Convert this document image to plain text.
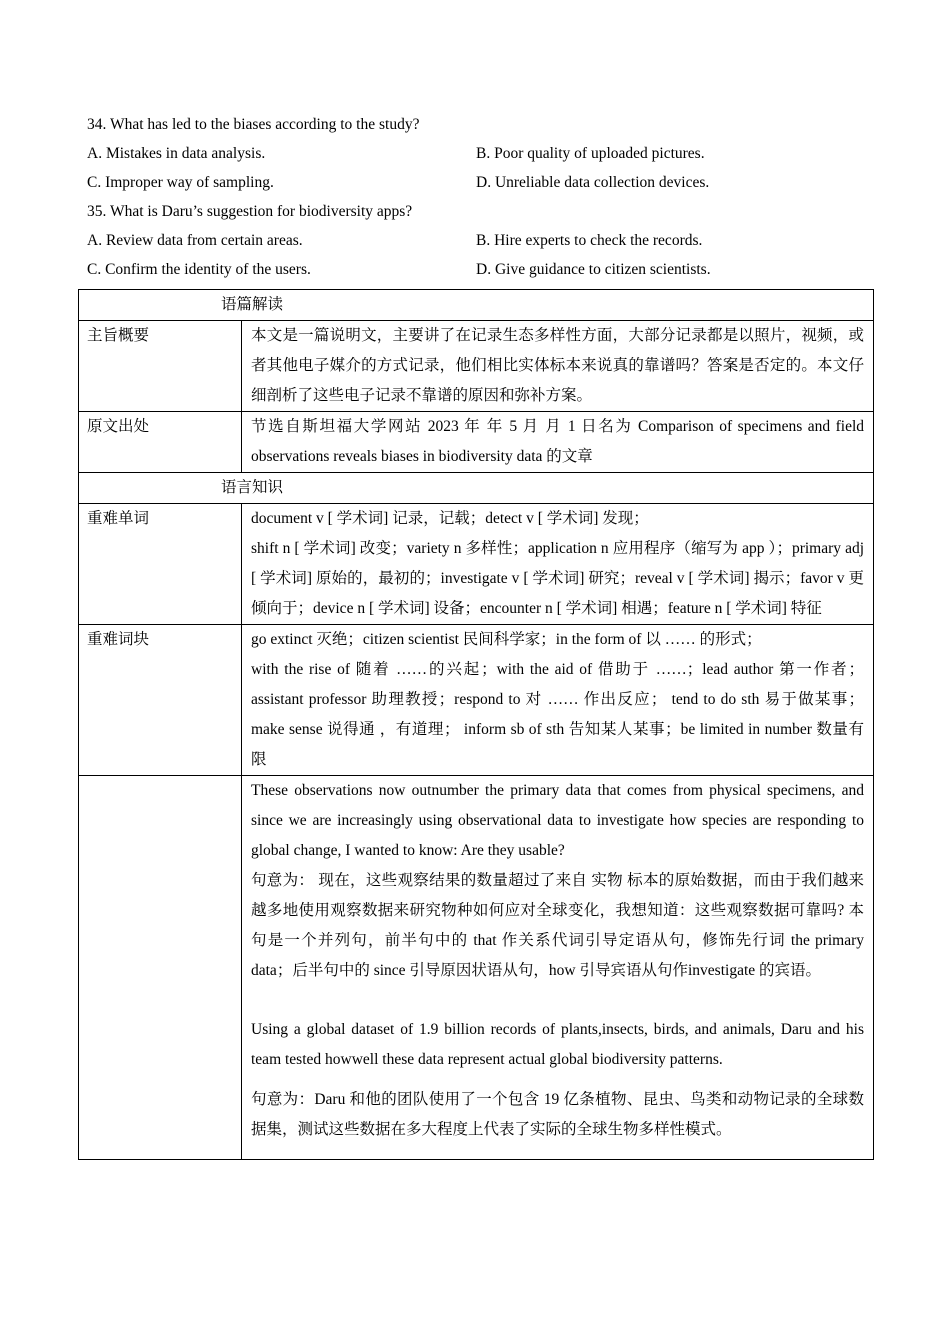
34. What has led to the biases according to the study?
A. Mistakes in data analysis.	B. Poor quality of uploaded pictures.
C. Improper way of sampling.	D. Unreliable data collection devices.
35. What is Daru’s suggestion for biodiversity apps?
A. Review data from certain areas.	B. Hire experts to check the records.
C. Confirm the identity of the users.	D. Give guidance to citizen scientists.
语篇解读	
主旨概要	本文是一篇说明文，主要讲了在记录生态多样性方面，大部分记录都是以照片，视频，或者其他电子媒介的方式记录，他们相比实体标本来说真的靠谱吗？答案是否定的。本文仔细剖析了这些电子记录不靠谱的原因和弥补方案。
原文出处	节选自斯坦福大学网站 2023 年 年 5 月 月 1 日名为 Comparison of specimens and field observations reveals biases in biodiversity data 的文章
语言知识	
重难单词	document v [ 学术词] 记录，记载；detect v [ 学术词] 发现；
shift n [ 学术词] 改变；variety n 多样性；application n 应用程序（缩写为 app ）；primary adj [ 学术词] 原始的，最初的；investigate v [ 学术词] 研究；reveal v [ 学术词] 揭示；favor v 更倾向于；device n [ 学术词] 设备；encounter n [ 学术词] 相遇；feature n [ 学术词] 特征

重难词块	go extinct 灭绝；citizen scientist 民间科学家；in the form of 以 …… 的形式；
with the rise of 随着 ……的兴起；with the aid of 借助于 ……；lead author 第一作者；assistant professor 助理教授；respond to 对 …… 作出反应； tend to do sth 易于做某事；make sense 说得通 ，有道理； inform sb of sth 告知某人某事；be limited in number 数量有限

	These observations now outnumber the primary data that comes from physical specimens, and since we are increasingly using observational data to investigate how species are responding to global change, I wanted to know: Are they usable?

句意为： 现在，这些观察结果的数量超过了来自 实物 标本的原始数据，而由于我们越来越多地使用观察数据来研究物种如何应对全球变化，我想知道：这些观察数据可靠吗? 本句是一个并列句，前半句中的 that 作关系代词引导定语从句，修饰先行词 the primary data；后半句中的 since 引导原因状语从句，how 引导宾语从句作investigate 的宾语。

Using a global dataset of 1.9 billion records of plants,insects, birds, and animals, Daru and his team tested howwell these data represent actual global biodiversity patterns.

句意为：Daru 和他的团队使用了一个包含 19 亿条植物、昆虫、鸟类和动物记录的全球数据集，测试这些数据在多大程度上代表了实际的全球生物多样性模式。
